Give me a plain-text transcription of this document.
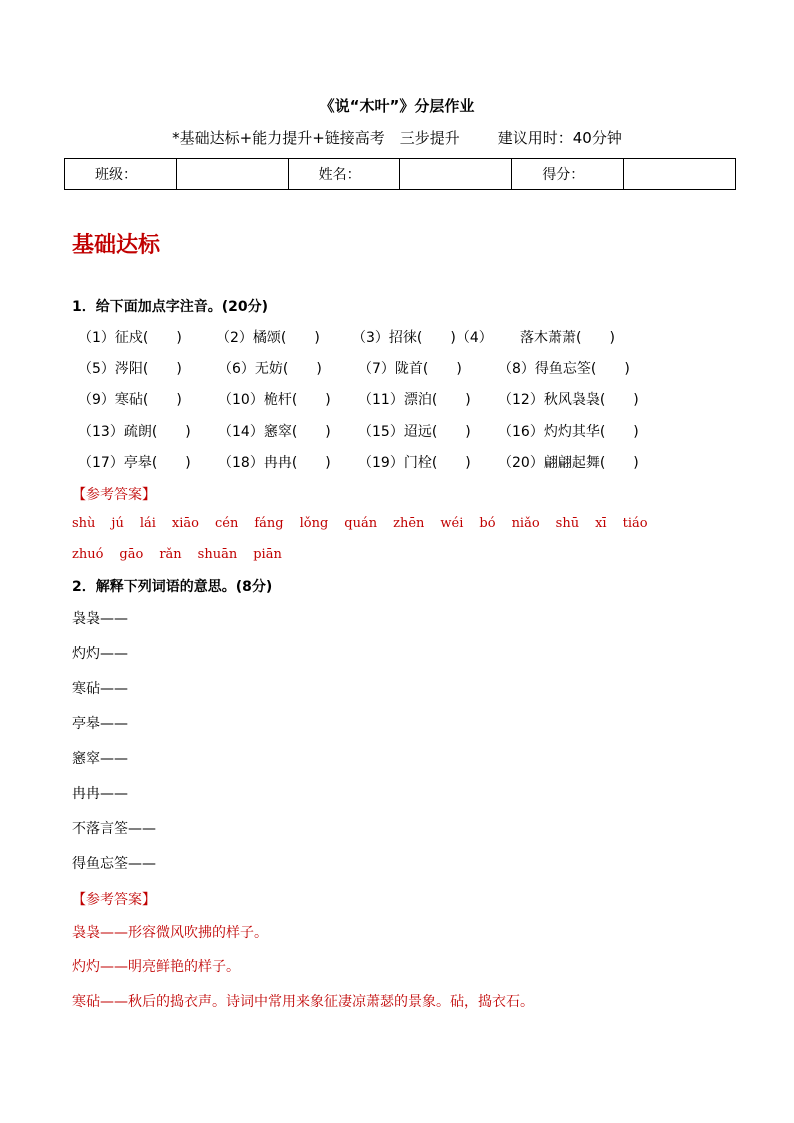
《说“木叶”》分层作业
*基础达标+能力提升+链接高考　三步提升	建议用时：40分钟
班级：		姓名：		得分：	
基础达标
1．给下面加点字注音。(20分)
（1）征戍(　　)	（2）橘颂(　　)	（3）招徕(　　)（4）	落木萧萧(　　)
（5）涔阳(　　)	（6）无妨(　　)	（7）陇首(　　)	（8）得鱼忘筌(　　)
（9）寒砧(　　)	（10）桅杆(　　)	（11）漂泊(　　)	（12）秋风袅袅(　　)
（13）疏朗(　　)	（14）窸窣(　　)	（15）迢远(　　)	（16）灼灼其华(　　)
（17）亭皋(　　)	（18）冉冉(　　)	（19）门栓(　　)	（20）翩翩起舞(　　)
【参考答案】
shù jú lái xiāo cén fáng lǒng quán zhēn wéi bó niǎo shū xī tiáo
zhuó gāo rǎn shuān piān
2．解释下列词语的意思。(8分)
袅袅——
灼灼——
寒砧——
亭皋——
窸窣——
冉冉——
不落言筌——
得鱼忘筌——
【参考答案】
袅袅——形容微风吹拂的样子。
灼灼——明亮鲜艳的样子。
寒砧——秋后的捣衣声。诗词中常用来象征凄凉萧瑟的景象。砧，捣衣石。
